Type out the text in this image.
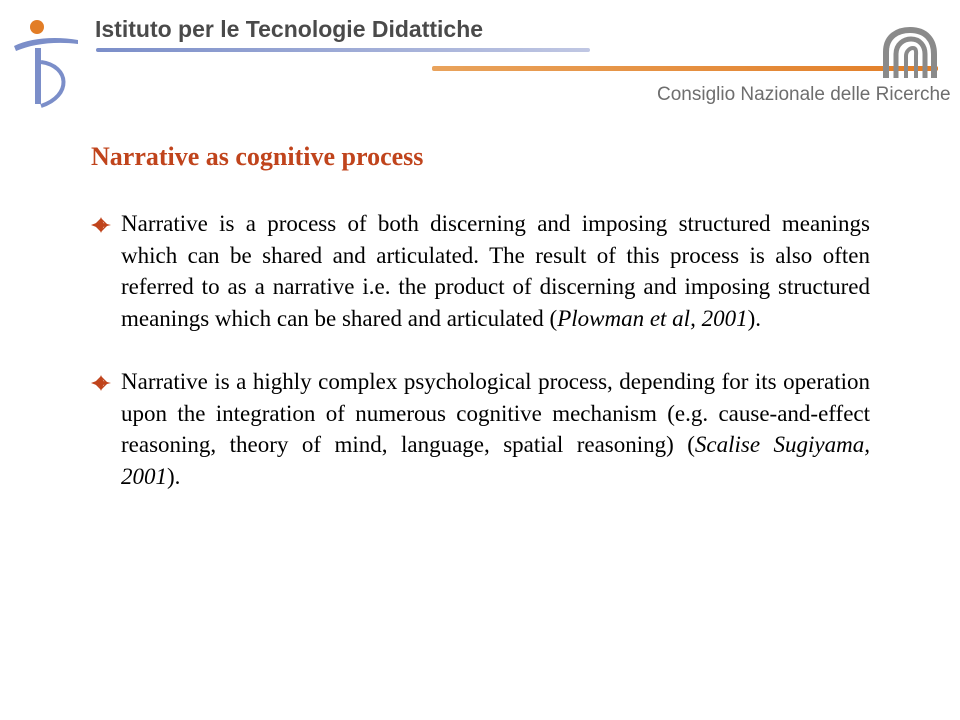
Istituto per le Tecnologie Didattiche
Consiglio Nazionale delle Ricerche
Narrative as cognitive process
Narrative is a process of both discerning and imposing structured meanings which can be shared and articulated. The result of this process is also often referred to as a narrative i.e. the product of discerning and imposing structured meanings which can be shared and articulated (Plowman et al, 2001).
Narrative is a highly complex psychological process, depending for its operation upon the integration of numerous cognitive mechanism (e.g. cause-and-effect reasoning, theory of mind, language, spatial reasoning) (Scalise Sugiyama, 2001).
